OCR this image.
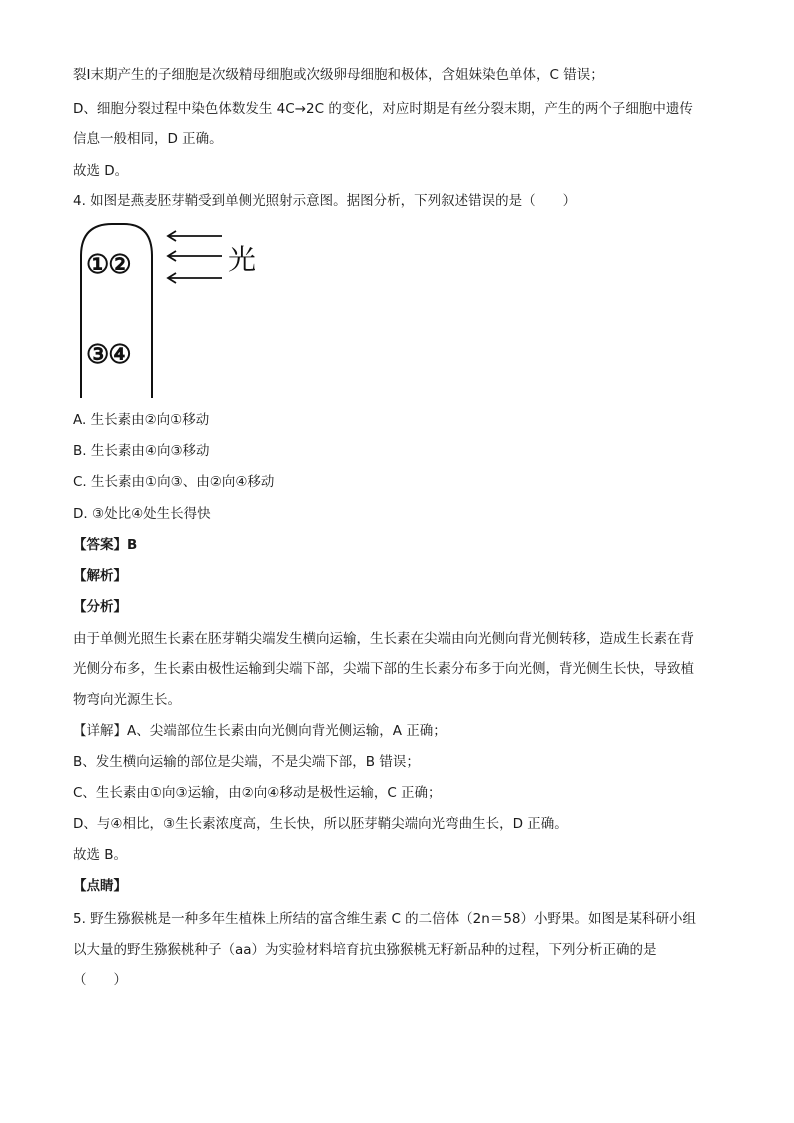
裂Ⅰ末期产生的子细胞是次级精母细胞或次级卵母细胞和极体，含姐妹染色单体，C 错误；
D、细胞分裂过程中染色体数发生 4C→2C 的变化，对应时期是有丝分裂末期，产生的两个子细胞中遗传
信息一般相同，D 正确。
故选 D。
4. 如图是燕麦胚芽鞘受到单侧光照射示意图。据图分析，下列叙述错误的是（　　）
①②
③④
光
A. 生长素由②向①移动
B. 生长素由④向③移动
C. 生长素由①向③、由②向④移动
D. ③处比④处生长得快
【答案】B
【解析】
【分析】
由于单侧光照生长素在胚芽鞘尖端发生横向运输，生长素在尖端由向光侧向背光侧转移，造成生长素在背
光侧分布多，生长素由极性运输到尖端下部，尖端下部的生长素分布多于向光侧，背光侧生长快，导致植
物弯向光源生长。
【详解】A、尖端部位生长素由向光侧向背光侧运输，A 正确；
B、发生横向运输的部位是尖端，不是尖端下部，B 错误；
C、生长素由①向③运输，由②向④移动是极性运输，C 正确；
D、与④相比，③生长素浓度高，生长快，所以胚芽鞘尖端向光弯曲生长，D 正确。
故选 B。
【点睛】
5. 野生猕猴桃是一种多年生植株上所结的富含维生素 C 的二倍体（2n＝58）小野果。如图是某科研小组
以大量的野生猕猴桃种子（aa）为实验材料培育抗虫猕猴桃无籽新品种的过程，下列分析正确的是
（　　）
